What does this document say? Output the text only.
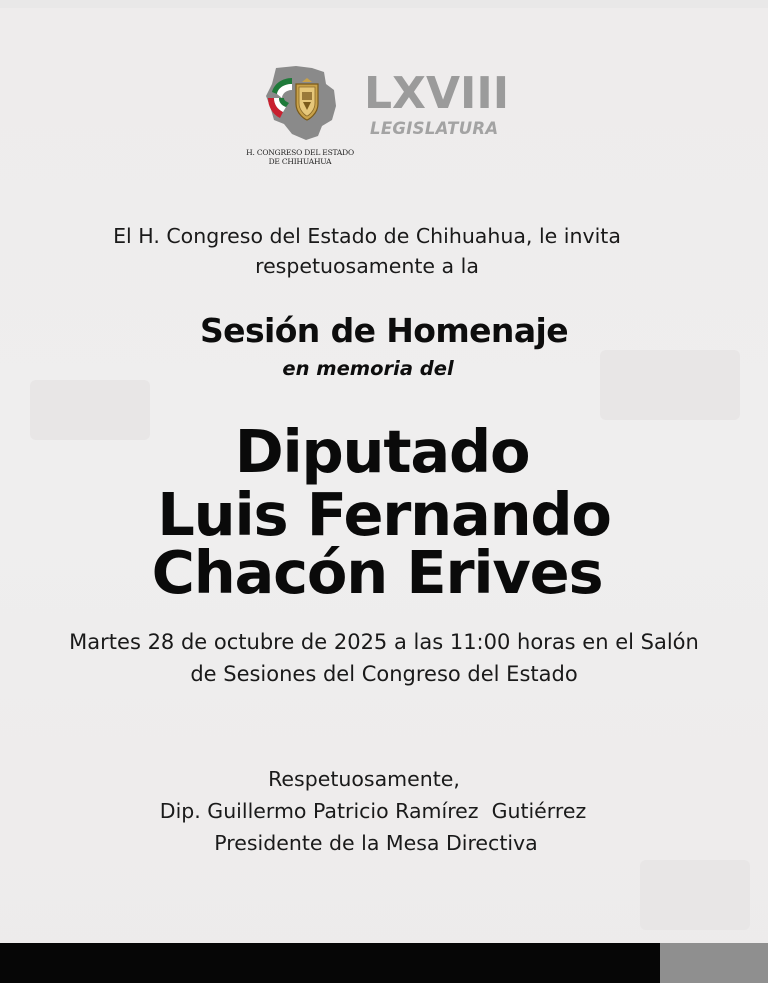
H. CONGRESO DEL ESTADO
DE CHIHUAHUA
LXVIII
LEGISLATURA
El H. Congreso del Estado de Chihuahua, le invita
respetuosamente a la
Sesión de Homenaje
en memoria del
Diputado
Luis Fernando
Chacón Erives
Martes 28 de octubre de 2025 a las 11:00 horas en el Salón
de Sesiones del Congreso del Estado
Respetuosamente,
Dip. Guillermo Patricio Ramírez  Gutiérrez
Presidente de la Mesa Directiva
